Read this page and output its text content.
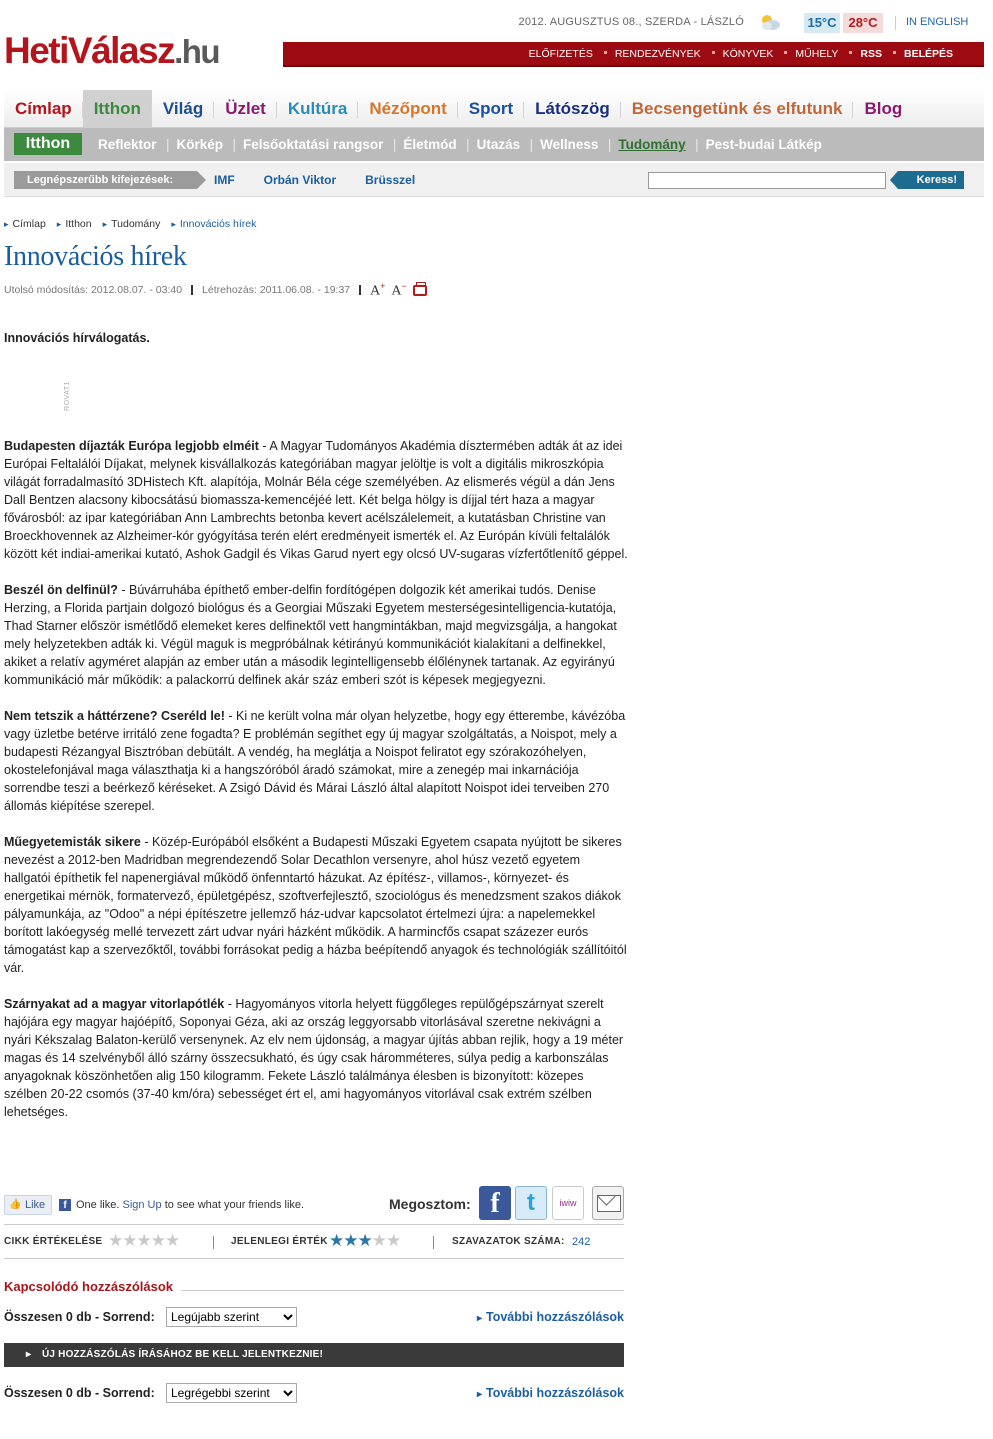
2012. AUGUSZTUS 08., SZERDA - LÁSZLÓ	15°C 28°C	IN ENGLISH
HetiVálasz.hu	ELŐFIZETÉS	RENDEZVÉNYEK	KÖNYVEK	MŰHELY	RSS	BELÉPÉS
Címlap	Itthon	Világ	Üzlet	Kultúra	Nézőpont	Sport	Látószög	Becsengetünk és elfutunk	Blog
Itthon	Reflektor |	Körkép |	Felsőoktatási rangsor |	Életmód |	Utazás |	Wellness |	Tudomány |	Pest-budai Látkép
Legnépszerűbb kifejezések:	IMF Orbán Viktor Brüsszel	Keress!
▸ Címlap	▸ Itthon	▸ Tudomány	▸ Innovációs hírek
Innovációs hírek
Utolsó módosítás:
2012.08.07. - 03:40 Létrehozás:
2011.06.08. - 19:37 A+ A−

Innovációs hírválogatás.

ROVAT1

Budapesten díjazták Európa legjobb elméit - A Magyar Tudományos Akadémia dísztermében adták át az idei Európai Feltalálói Díjakat, melynek kisvállalkozás kategóriában magyar jelöltje is volt a digitális mikroszkópia világát forradalmasító 3DHistech Kft. alapítója, Molnár Béla cége személyében. Az elismerés végül a dán Jens Dall Bentzen alacsony kibocsátású biomassza-kemencéjéé lett. Két belga hölgy is díjjal tért haza a magyar fővárosból: az ipar kategóriában Ann Lambrechts betonba kevert acélszálelemeit, a kutatásban Christine van Broeckhovennek az Alzheimer-kór gyógyítása terén elért eredményeit ismerték el. Az Európán kívüli feltalálók között két indiai-amerikai kutató, Ashok Gadgil és Vikas Garud nyert egy olcsó UV-sugaras vízfertőtlenítő géppel.

Beszél ön delfinül? - Búvárruhába építhető ember-delfin fordítógépen dolgozik két amerikai tudós. Denise Herzing, a Florida partjain dolgozó biológus és a Georgiai Műszaki Egyetem mesterségesintelligencia-kutatója, Thad Starner először ismétlődő elemeket keres delfinektől vett hangmintákban, majd megvizsgálja, a hangokat mely helyzetekben adták ki. Végül maguk is megpróbálnak kétirányú kommunikációt kialakítani a delfinekkel, akiket a relatív agyméret alapján az ember után a második legintelligensebb élőlénynek tartanak. Az egyirányú kommunikáció már működik: a palackorrú delfinek akár száz emberi szót is képesek megjegyezni.

Nem tetszik a háttérzene? Cseréld le! - Ki ne került volna már olyan helyzetbe, hogy egy étterembe, kávézóba vagy üzletbe betérve irritáló zene fogadta? E problémán segíthet egy új magyar szolgáltatás, a Noispot, mely a budapesti Rézangyal Bisztróban debütált. A vendég, ha meglátja a Noispot feliratot egy szórakozóhelyen, okostelefonjával maga választhatja ki a hangszóróból áradó számokat, mire a zenegép mai inkarnációja sorrendbe teszi a beérkező kéréseket. A Zsigó Dávid és Márai László által alapított Noispot idei terveiben 270 állomás kiépítése szerepel.

Műegyetemisták sikere - Közép-Európából elsőként a Budapesti Műszaki Egyetem csapata nyújtott be sikeres nevezést a 2012-ben Madridban megrendezendő Solar Decathlon versenyre, ahol húsz vezető egyetem hallgatói építhetik fel napenergiával működő önfenntartó házukat. Az építész-, villamos-, környezet- és energetikai mérnök, formatervező, épületgépész, szoftverfejlesztő, szociológus és menedzsment szakos diákok pályamunkája, az "Odoo" a népi építészetre jellemző ház-udvar kapcsolatot értelmezi újra: a napelemekkel borított lakóegység mellé tervezett zárt udvar nyári házként működik. A harmincfős csapat százezer eurós támogatást kap a szervezőktől, további forrásokat pedig a házba beépítendő anyagok és technológiák szállítóitól vár.

Szárnyakat ad a magyar vitorlapótlék - Hagyományos vitorla helyett függőleges repülőgépszárnyat szerelt hajójára egy magyar hajóépítő, Soponyai Géza, aki az ország leggyorsabb vitorlásával szeretne nekivágni a nyári Kékszalag Balaton-kerülő versenynek. Az elv nem újdonság, a magyar újítás abban rejlik, hogy a 19 méter magas és 14 szelvényből álló szárny összecsukható, és úgy csak háromméteres, súlya pedig a karbonszálas anyagoknak köszönhetően alig 150 kilogramm. Fekete László találmánya élesben is bizonyított: közepes szélben 20-22 csomós (37-40 km/óra) sebességet ért el, ami hagyományos vitorlával csak extrém szélben lehetséges.

👍 Like	f One like. Sign Up to see what your friends like.	Megosztom: f	t	iwiw
CIKK ÉRTÉKELÉSE ★★★★★	JELENLEGI ÉRTÉK ★★★★★	SZAVAZATOK SZÁMA: 242
Kapcsolódó hozzászólások
Összesen 0 db - Sorrend:
Legújabb szerint	▸ További hozzászólások
▸ ÚJ HOZZÁSZÓLÁS ÍRÁSÁHOZ BE KELL JELENTKEZNIE!
Összesen 0 db - Sorrend:
Legrégebbi szerint	▸ További hozzászólások
